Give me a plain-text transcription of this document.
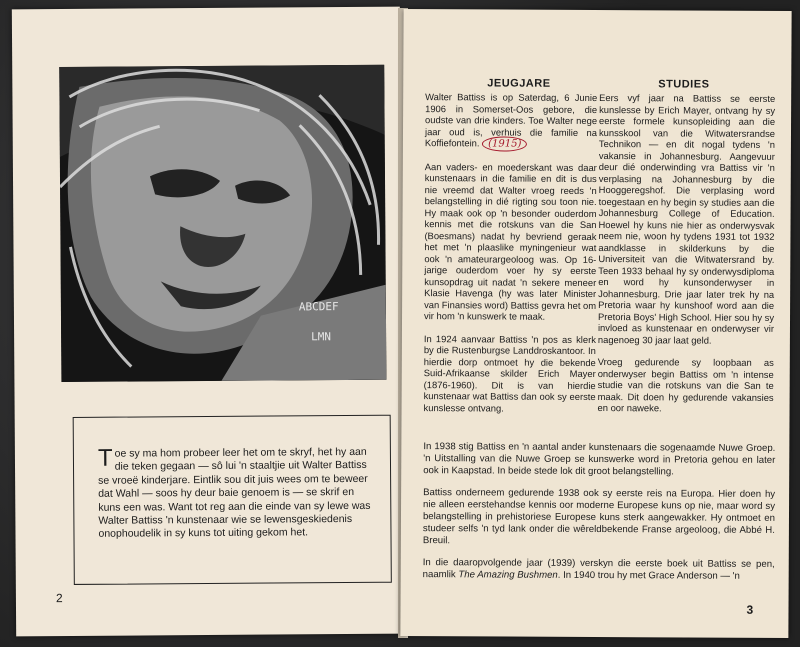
ABCDEF
LMN
T oe sy ma hom probeer leer het om te skryf, het hy aan die teken gegaan — sô lui 'n staaltjie uit Walter Battiss se vroeë kinderjare. Eintlik sou dit juis wees om te beweer dat Wahl — soos hy deur baie genoem is — se skrif en kuns een was. Want tot reg aan die einde van sy lewe was Walter Battiss 'n kunstenaar wie se lewensgeskiedenis onophoudelik in sy kuns tot uiting gekom het.
2
JEUGJARE	STUDIES

Walter Battiss is op Saterdag, 6 Junie 1906 in Somerset-Oos gebore, die oudste van drie kinders. Toe Walter nege jaar oud is, verhuis die familie na Koffiefontein. (1915)

Aan vaders- en moederskant was daar kunstenaars in die familie en dit is dus nie vreemd dat Walter vroeg reeds 'n belangstelling in dié rigting sou toon nie. Hy maak ook op 'n besonder ouderdom kennis met die rotskuns van die San (Boesmans) nadat hy bevriend geraak het met 'n plaaslike myningenieur wat ook 'n amateurargeoloog was. Op 16-jarige ouderdom voer hy sy eerste kunsopdrag uit nadat 'n sekere meneer Klasie Havenga (hy was later Minister van Finansies word) Battiss gevra het om vir hom 'n kunswerk te maak.

In 1924 aanvaar Battiss 'n pos as klerk by die Rustenburgse Landdroskantoor. In hierdie dorp ontmoet hy die bekende Suid-Afrikaanse skilder Erich Mayer (1876-1960). Dit is van hierdie kunstenaar wat Battiss dan ook sy eerste kunslesse ontvang.

Eers vyf jaar na Battiss se eerste kunslesse by Erich Mayer, ontvang hy sy eerste formele kunsopleiding aan die kunsskool van die Witwatersrandse Technikon — en dit nogal tydens 'n vakansie in Johannesburg. Aangevuur deur dié onderwinding vra Battiss vir 'n verplasing na Johannesburg by die Hooggeregshof. Die verplasing word toegestaan en hy begin sy studies aan die Johannesburg College of Education. Hoewel hy kuns nie hier as onderwysvak neem nie, woon hy tydens 1931 tot 1932 aandklasse in skilderkuns by die Universiteit van die Witwatersrand by. Teen 1933 behaal hy sy onderwysdiploma en word hy kunsonderwyser in Johannesburg. Drie jaar later trek hy na Pretoria waar hy kunshoof word aan die Pretoria Boys' High School. Hier sou hy sy invloed as kunstenaar en onderwyser vir nagenoeg 30 jaar laat geld.

Vroeg gedurende sy loopbaan as onderwyser begin Battiss om 'n intense studie van die rotskuns van die San te maak. Dit doen hy gedurende vakansies en oor naweke.

In 1938 stig Battiss en 'n aantal ander kunstenaars die sogenaamde Nuwe Groep. 'n Uitstalling van die Nuwe Groep se kunswerke word in Pretoria gehou en later ook in Kaapstad. In beide stede lok dit groot belangstelling.

Battiss onderneem gedurende 1938 ook sy eerste reis na Europa. Hier doen hy nie alleen eerstehandse kennis oor moderne Europese kuns op nie, maar word sy belangstelling in prehistoriese Europese kuns sterk aangewakker. Hy ontmoet en studeer selfs 'n tyd lank onder die wêreldbekende Franse argeoloog, die Abbé H. Breuil.

In die daaropvolgende jaar (1939) verskyn die eerste boek uit Battiss se pen, naamlik The Amazing Bushmen. In 1940 trou hy met Grace Anderson — 'n

3
